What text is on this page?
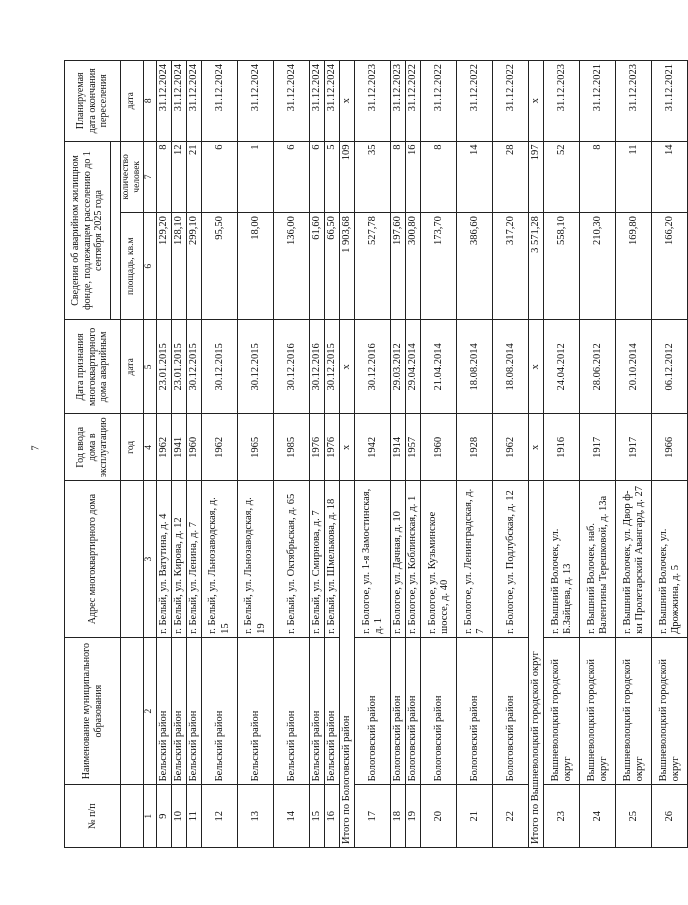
7
№ п/п	Наименование муниципального образования	Адрес многоквартирного дома	Год ввода дома в эксплуатацию	Дата признания многоквартирного дома аварийным	Сведения об аварийном жилищном фонде, подлежащем расселению до 1 сентября 2025 года		Планируемая дата окончания переселения

			год	дата	площадь, кв.м	количество человек	дата
1	2	3	4	5	6	7	8
9	Бельский район	г. Белый, ул. Ватутина, д. 4	1962	23.01.2015	129,20	8	31.12.2024
10	Бельский район	г. Белый, ул. Кирова, д. 12	1941	23.01.2015	128,10	12	31.12.2024
11	Бельский район	г. Белый, ул. Ленина, д. 7	1960	30.12.2015	299,10	21	31.12.2024
12	Бельский район	г. Белый, ул. Льнозаводская, д. 15	1962	30.12.2015	95,50	6	31.12.2024
13	Бельский район	г. Белый, ул. Льнозаводская, д. 19	1965	30.12.2015	18,00	1	31.12.2024
14	Бельский район	г. Белый, ул. Октябрьская, д. 65	1985	30.12.2016	136,00	6	31.12.2024
15	Бельский район	г. Белый, ул. Смирнова, д. 7	1976	30.12.2016	61,60	6	31.12.2024
16	Бельский район	г. Белый, ул. Шмелькова, д. 18	1976	30.12.2015	66,50	5	31.12.2024
Итого по Бологовский район			х	х	1 903,68	109	х
17	Бологовский район	г. Бологое, ул. 1-я Замостинская, д. 1	1942	30.12.2016	527,78	35	31.12.2023
18	Бологовский район	г. Бологое, ул. Дачная, д. 10	1914	29.03.2012	197,60	8	31.12.2023
19	Бологовский район	г. Бологое, ул. Коблинская, д. 1	1957	29.04.2014	300,80	16	31.12.2022
20	Бологовский район	г. Бологое, ул. Кузьминское шоссе, д. 40	1960	21.04.2014	173,70	8	31.12.2022
21	Бологовский район	г. Бологое, ул. Ленинградская, д. 7	1928	18.08.2014	386,60	14	31.12.2022
22	Бологовский район	г. Бологое, ул. Подлубская, д. 12	1962	18.08.2014	317,20	28	31.12.2022
Итого по Вышневолоцкий городской округ			х	х	3 571,28	197	х
23	Вышневолоцкий городской округ	г. Вышний Волочек, ул. Б.Зайцева, д. 13	1916	24.04.2012	558,10	52	31.12.2023
24	Вышневолоцкий городской округ	г. Вышний Волочек, наб. Валентины Терешковой, д. 13а	1917	28.06.2012	210,30	8	31.12.2021
25	Вышневолоцкий городской округ	г. Вышний Волочек, ул. Двор ф-ки Пролетарский Авангард, д. 27	1917	20.10.2014	169,80	11	31.12.2023
26	Вышневолоцкий городской округ	г. Вышний Волочек, ул. Дрожжина, д. 5	1966	06.12.2012	166,20	14	31.12.2021
